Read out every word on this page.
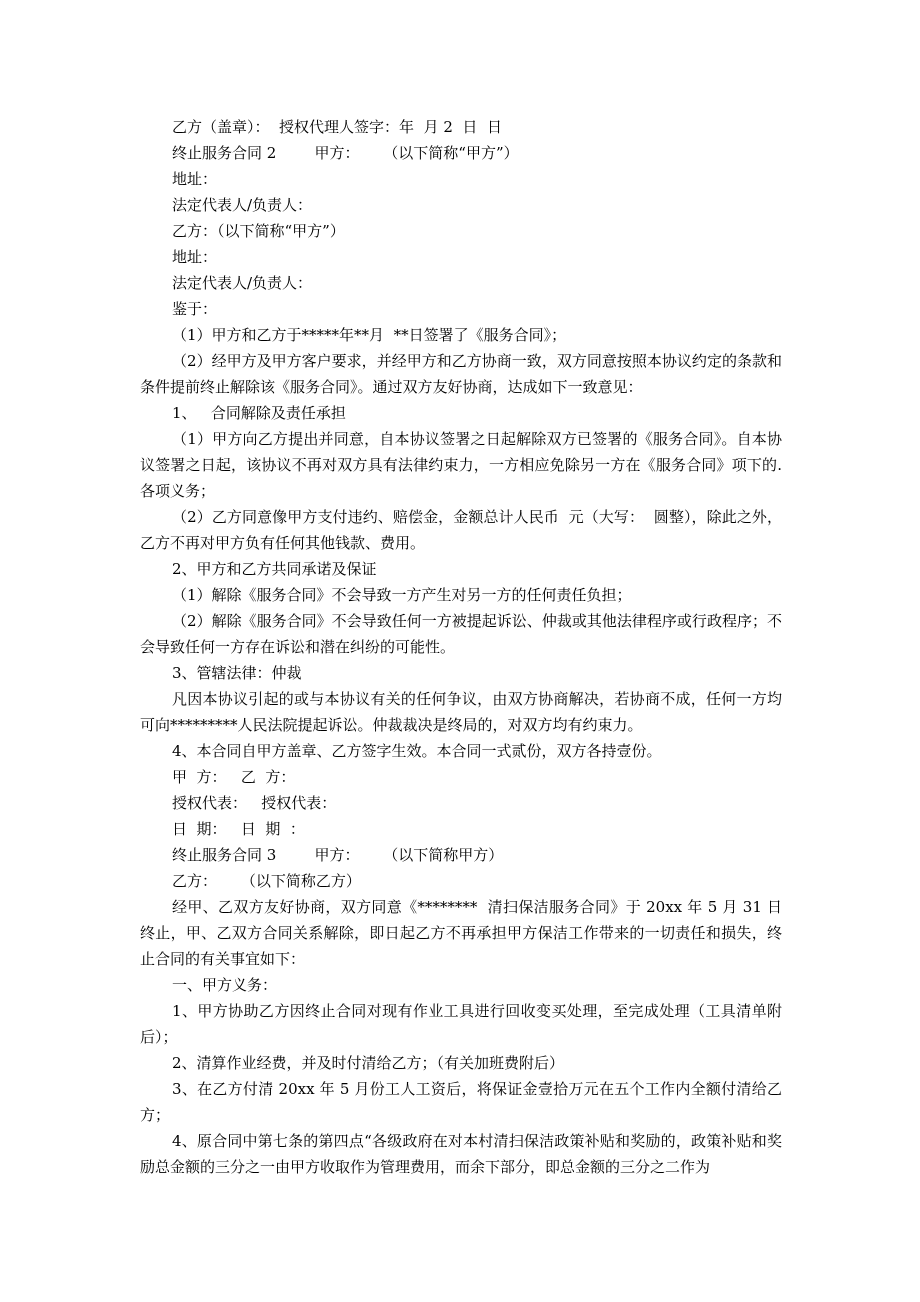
乙方（盖章）：  授权代理人签字：年  月 2  日  日

终止服务合同 2        甲方：     （以下简称“甲方”）

地址：

法定代表人/负责人：

乙方：（以下简称“甲方”）

地址：

法定代表人/负责人：

鉴于：

（1）甲方和乙方于*****年**月  **日签署了《服务合同》；

（2）经甲方及甲方客户要求，并经甲方和乙方协商一致，双方同意按照本协议约定的条款和条件提前终止解除该《服务合同》。通过双方友好协商，达成如下一致意见：

1、   合同解除及责任承担

（1）甲方向乙方提出并同意，自本协议签署之日起解除双方已签署的《服务合同》。自本协议签署之日起，该协议不再对双方具有法律约束力，一方相应免除另一方在《服务合同》项下的.各项义务；

（2）乙方同意像甲方支付违约、赔偿金，金额总计人民币  元（大写：  圆整），除此之外，乙方不再对甲方负有任何其他钱款、费用。

2、甲方和乙方共同承诺及保证

（1）解除《服务合同》不会导致一方产生对另一方的任何责任负担；

（2）解除《服务合同》不会导致任何一方被提起诉讼、仲裁或其他法律程序或行政程序；不会导致任何一方存在诉讼和潜在纠纷的可能性。

3、管辖法律：仲裁

凡因本协议引起的或与本协议有关的任何争议，由双方协商解决，若协商不成，任何一方均可向*********人民法院提起诉讼。仲裁裁决是终局的，对双方均有约束力。

4、本合同自甲方盖章、乙方签字生效。本合同一式贰份，双方各持壹份。

甲  方：   乙  方：

授权代表：   授权代表：

日  期：   日  期  ：

终止服务合同 3        甲方：     （以下简称甲方）

乙方：     （以下简称乙方）

经甲、乙双方友好协商，双方同意《********  清扫保洁服务合同》于 20xx 年 5 月 31 日终止，甲、乙双方合同关系解除，即日起乙方不再承担甲方保洁工作带来的一切责任和损失，终止合同的有关事宜如下：

一、甲方义务：

1、甲方协助乙方因终止合同对现有作业工具进行回收变买处理，至完成处理（工具清单附后）；

2、清算作业经费，并及时付清给乙方；（有关加班费附后）

3、在乙方付清 20xx 年 5 月份工人工资后，将保证金壹拾万元在五个工作内全额付清给乙方；

4、原合同中第七条的第四点“各级政府在对本村清扫保洁政策补贴和奖励的，政策补贴和奖励总金额的三分之一由甲方收取作为管理费用，而余下部分，即总金额的三分之二作为
